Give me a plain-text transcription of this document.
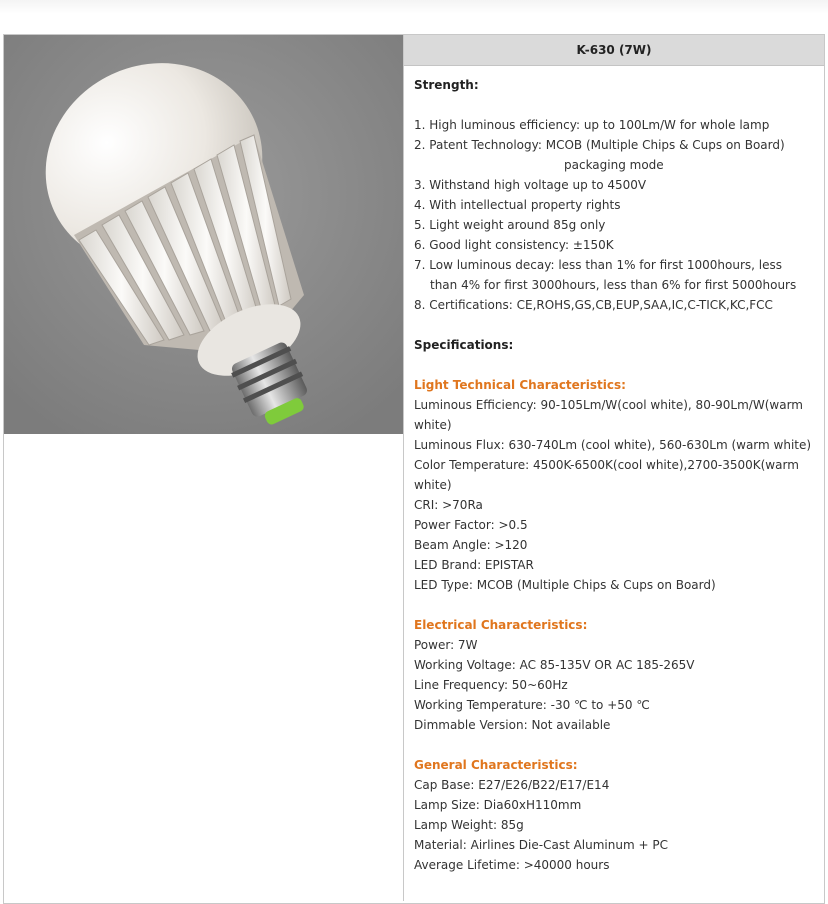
K-630 (7W)
Strength:
1. High luminous efficiency: up to 100Lm/W for whole lamp
2. Patent Technology: MCOB (Multiple Chips & Cups on Board)
packaging mode
3. Withstand high voltage up to 4500V
4. With intellectual property rights
5. Light weight around 85g only
6. Good light consistency: ±150K
7. Low luminous decay: less than 1% for first 1000hours, less
than 4% for first 3000hours, less than 6% for first 5000hours
8. Certifications: CE,ROHS,GS,CB,EUP,SAA,IC,C-TICK,KC,FCC
Specifications:
Light Technical Characteristics:
Luminous Efficiency: 90-105Lm/W(cool white), 80-90Lm/W(warm white)
Luminous Flux: 630-740Lm (cool white), 560-630Lm (warm white)
Color Temperature: 4500K-6500K(cool white),2700-3500K(warm white)
CRI: >70Ra
Power Factor: >0.5
Beam Angle: >120
LED Brand: EPISTAR
LED Type: MCOB (Multiple Chips & Cups on Board)
Electrical Characteristics:
Power: 7W
Working Voltage: AC 85-135V OR AC 185-265V
Line Frequency: 50~60Hz
Working Temperature: -30 ℃ to +50 ℃
Dimmable Version: Not available
General Characteristics:
Cap Base: E27/E26/B22/E17/E14
Lamp Size: Dia60xH110mm
Lamp Weight: 85g
Material: Airlines Die-Cast Aluminum + PC
Average Lifetime: >40000 hours
